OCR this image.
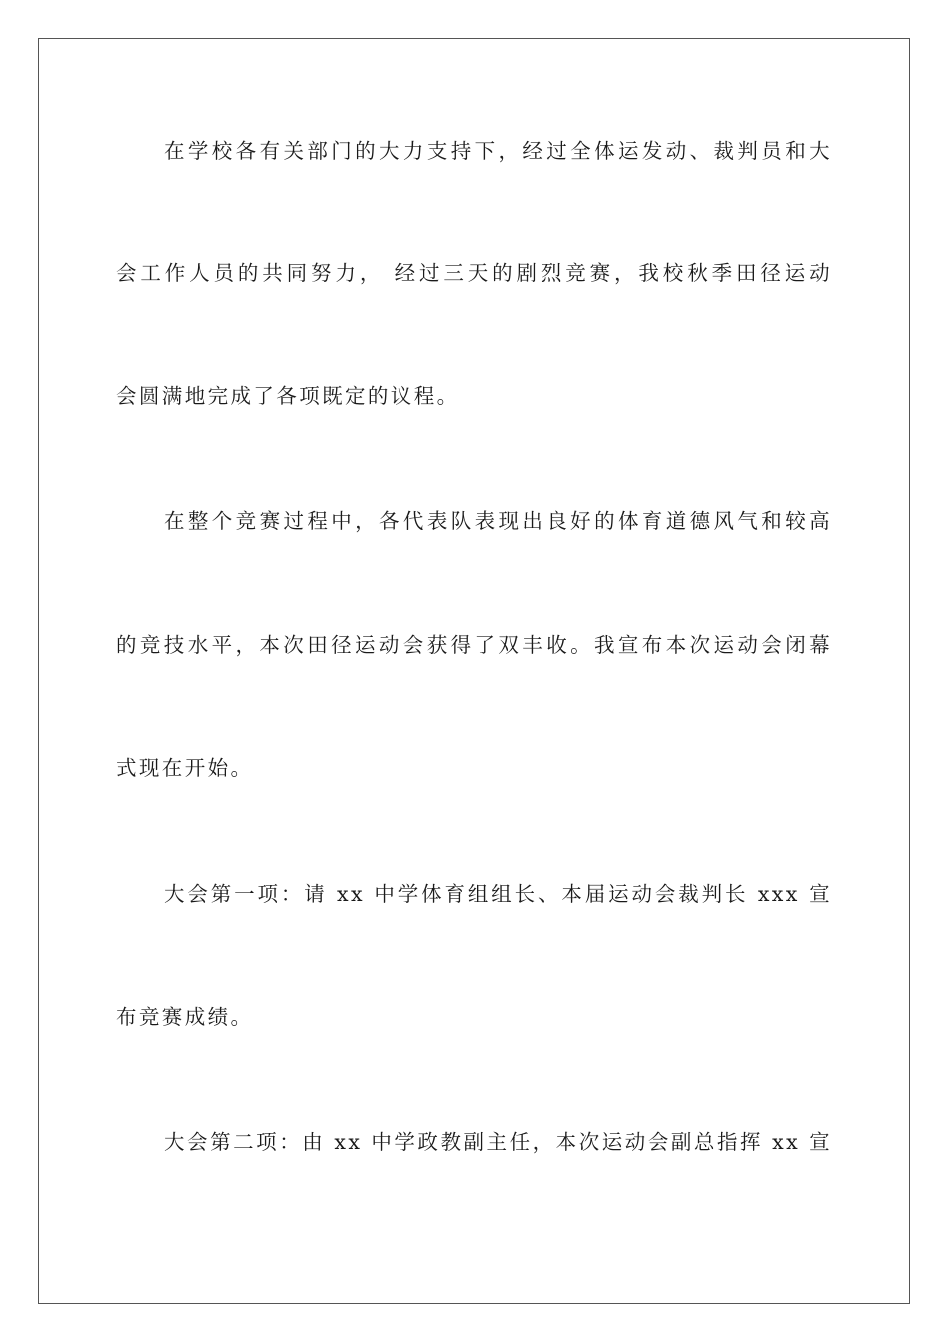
在学校各有关部门的大力支持下，经过全体运发动、裁判员和大

会工作人员的共同努力， 经过三天的剧烈竞赛，我校秋季田径运动

会圆满地完成了各项既定的议程。

在整个竞赛过程中，各代表队表现出良好的体育道德风气和较高

的竞技水平，本次田径运动会获得了双丰收。我宣布本次运动会闭幕

式现在开始。

大会第一项：请 xx 中学体育组组长、本届运动会裁判长 xxx 宣

布竞赛成绩。

大会第二项：由 xx 中学政教副主任，本次运动会副总指挥 xx 宣
